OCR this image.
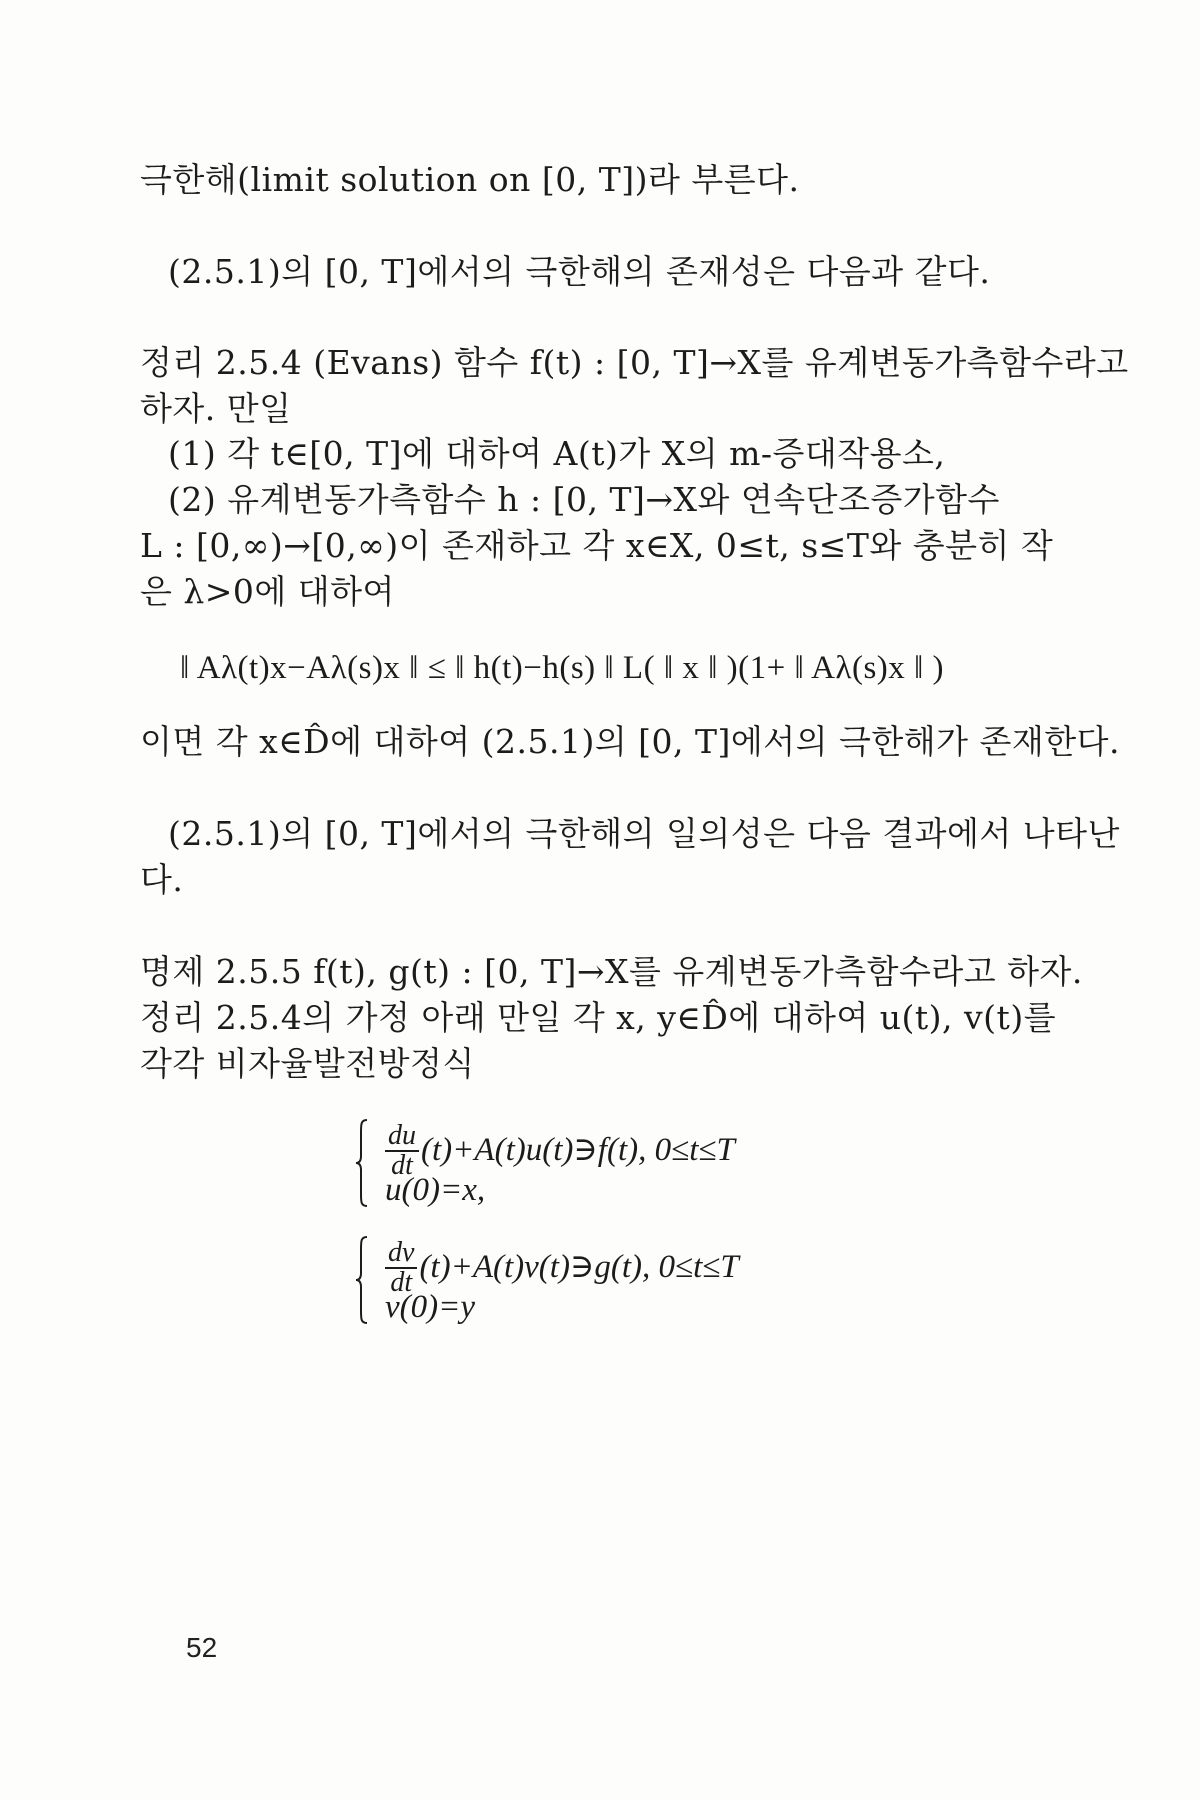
극한해(limit solution on [0, T])라 부른다.
(2.5.1)의 [0, T]에서의 극한해의 존재성은 다음과 같다.
정리 2.5.4 (Evans) 함수 f(t) : [0, T]→X를 유계변동가측함수라고
하자. 만일
(1) 각 t∈[0, T]에 대하여 A(t)가 X의 m-증대작용소,
(2) 유계변동가측함수 h : [0, T]→X와 연속단조증가함수
L : [0,∞)→[0,∞)이 존재하고 각 x∈X, 0≤t, s≤T와 충분히 작
은 λ>0에 대하여
‖ Aλ(t)x−Aλ(s)x ‖ ≤ ‖ h(t)−h(s) ‖ L( ‖ x ‖ )(1+ ‖ Aλ(s)x ‖ )
이면 각 x∈D̂에 대하여 (2.5.1)의 [0, T]에서의 극한해가 존재한다.
(2.5.1)의 [0, T]에서의 극한해의 일의성은 다음 결과에서 나타난
다.
명제 2.5.5 f(t), g(t) : [0, T]→X를 유계변동가측함수라고 하자.
정리 2.5.4의 가정 아래 만일 각 x, y∈D̂에 대하여 u(t), v(t)를
각각 비자율발전방정식
$\frac{du}{dt}$ (t)+A(t)u(t)∋f(t), 0≤t≤T
u(0)=x,
$\frac{dv}{dt}$ (t)+A(t)v(t)∋g(t), 0≤t≤T
v(0)=y
52
